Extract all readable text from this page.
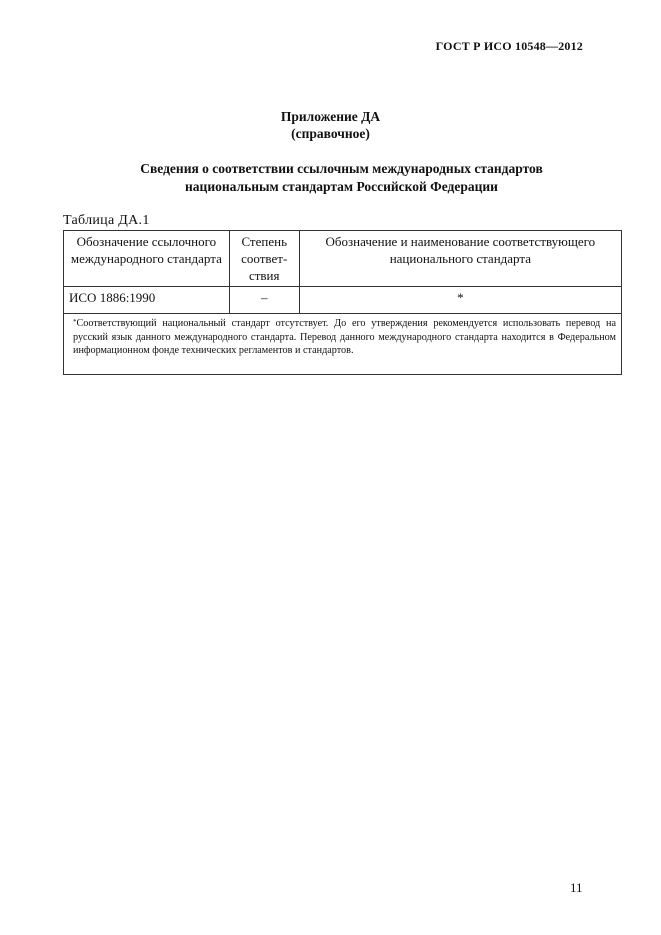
ГОСТ Р ИСО 10548—2012
Приложение ДА
(справочное)
Сведения о соответствии ссылочным международных стандартов
национальным стандартам Российской Федерации
Таблица ДА.1
Обозначение ссылочного международного стандарта	Степень соответ-ствия	Обозначение и наименование соответствующего национального стандарта
ИСО 1886:1990	–	*
*Соответствующий национальный стандарт отсутствует. До его утверждения рекомендуется использовать перевод на русский язык данного международного стандарта. Перевод данного международного стандарта находится в Федеральном информационном фонде технических регламентов и стандартов.		
11
